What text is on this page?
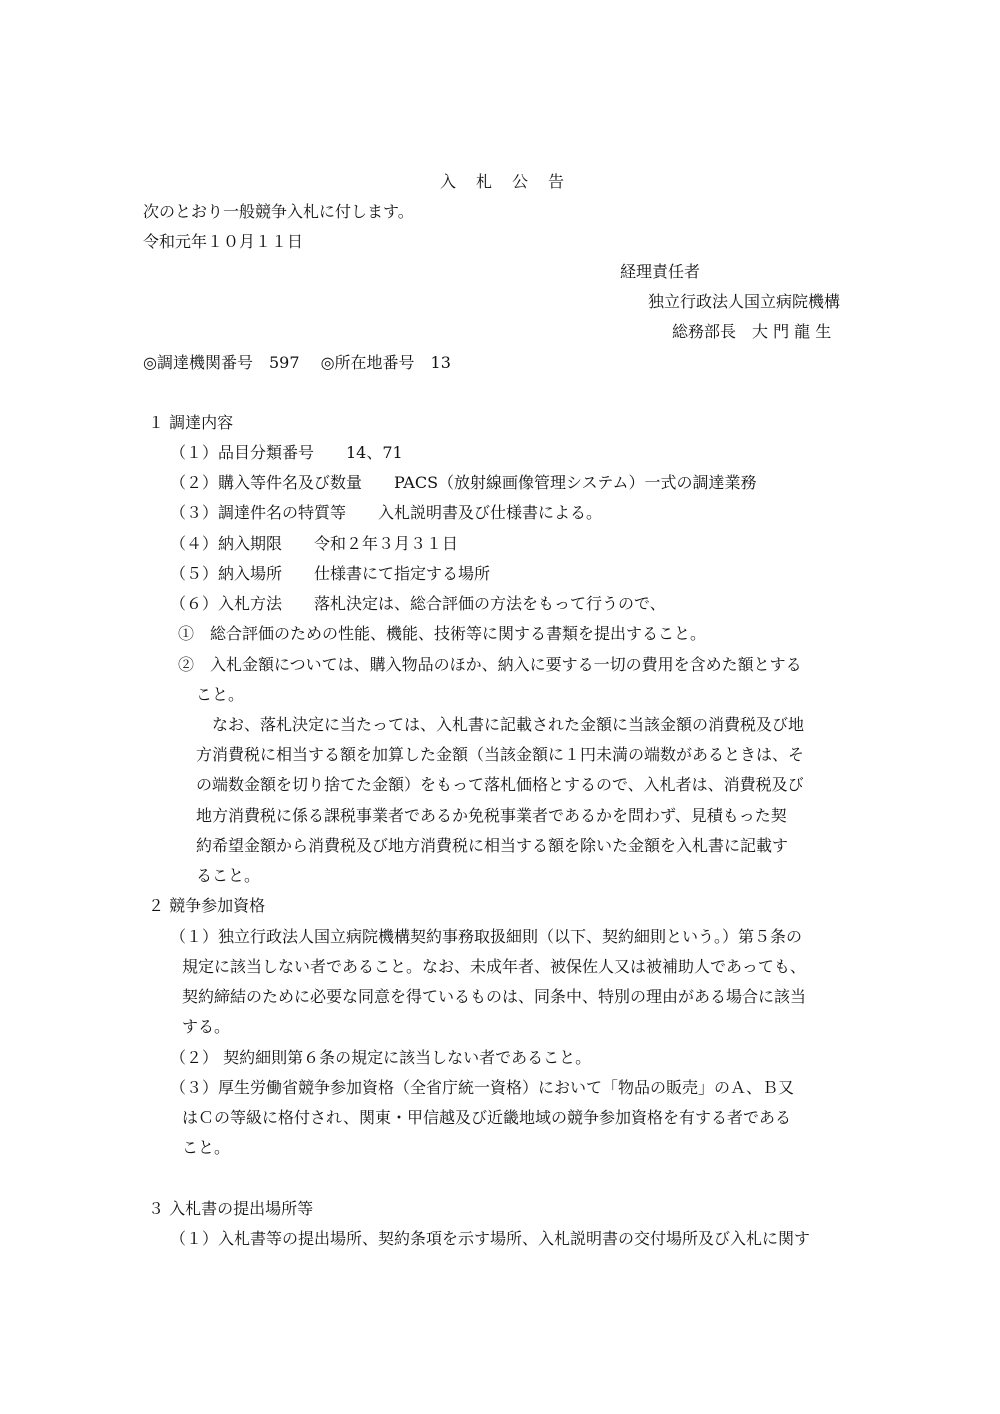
入　札　公　告
次のとおり一般競争入札に付します。
令和元年１０月１１日
経理責任者
独立行政法人国立病院機構
総務部長　大 門 龍 生
◎調達機関番号　597　 ◎所在地番号　13
１ 調達内容
（１）品目分類番号　　14、71
（２）購入等件名及び数量　　PACS（放射線画像管理システム）一式の調達業務
（３）調達件名の特質等　　入札説明書及び仕様書による。
（４）納入期限　　令和２年３月３１日
（５）納入場所　　仕様書にて指定する場所
（６）入札方法　　落札決定は、総合評価の方法をもって行うので、
①　総合評価のための性能、機能、技術等に関する書類を提出すること。
②　入札金額については、購入物品のほか、納入に要する一切の費用を含めた額とする
こと。
　なお、落札決定に当たっては、入札書に記載された金額に当該金額の消費税及び地
方消費税に相当する額を加算した金額（当該金額に１円未満の端数があるときは、そ
の端数金額を切り捨てた金額）をもって落札価格とするので、入札者は、消費税及び
地方消費税に係る課税事業者であるか免税事業者であるかを問わず、見積もった契
約希望金額から消費税及び地方消費税に相当する額を除いた金額を入札書に記載す
ること。
２ 競争参加資格
（１）独立行政法人国立病院機構契約事務取扱細則（以下、契約細則という。）第５条の
規定に該当しない者であること。なお、未成年者、被保佐人又は被補助人であっても、
契約締結のために必要な同意を得ているものは、同条中、特別の理由がある場合に該当
する。
（２） 契約細則第６条の規定に該当しない者であること。
（３）厚生労働省競争参加資格（全省庁統一資格）において「物品の販売」のＡ、Ｂ又
はＣの等級に格付され、関東・甲信越及び近畿地域の競争参加資格を有する者である
こと。
３ 入札書の提出場所等
（１）入札書等の提出場所、契約条項を示す場所、入札説明書の交付場所及び入札に関す
